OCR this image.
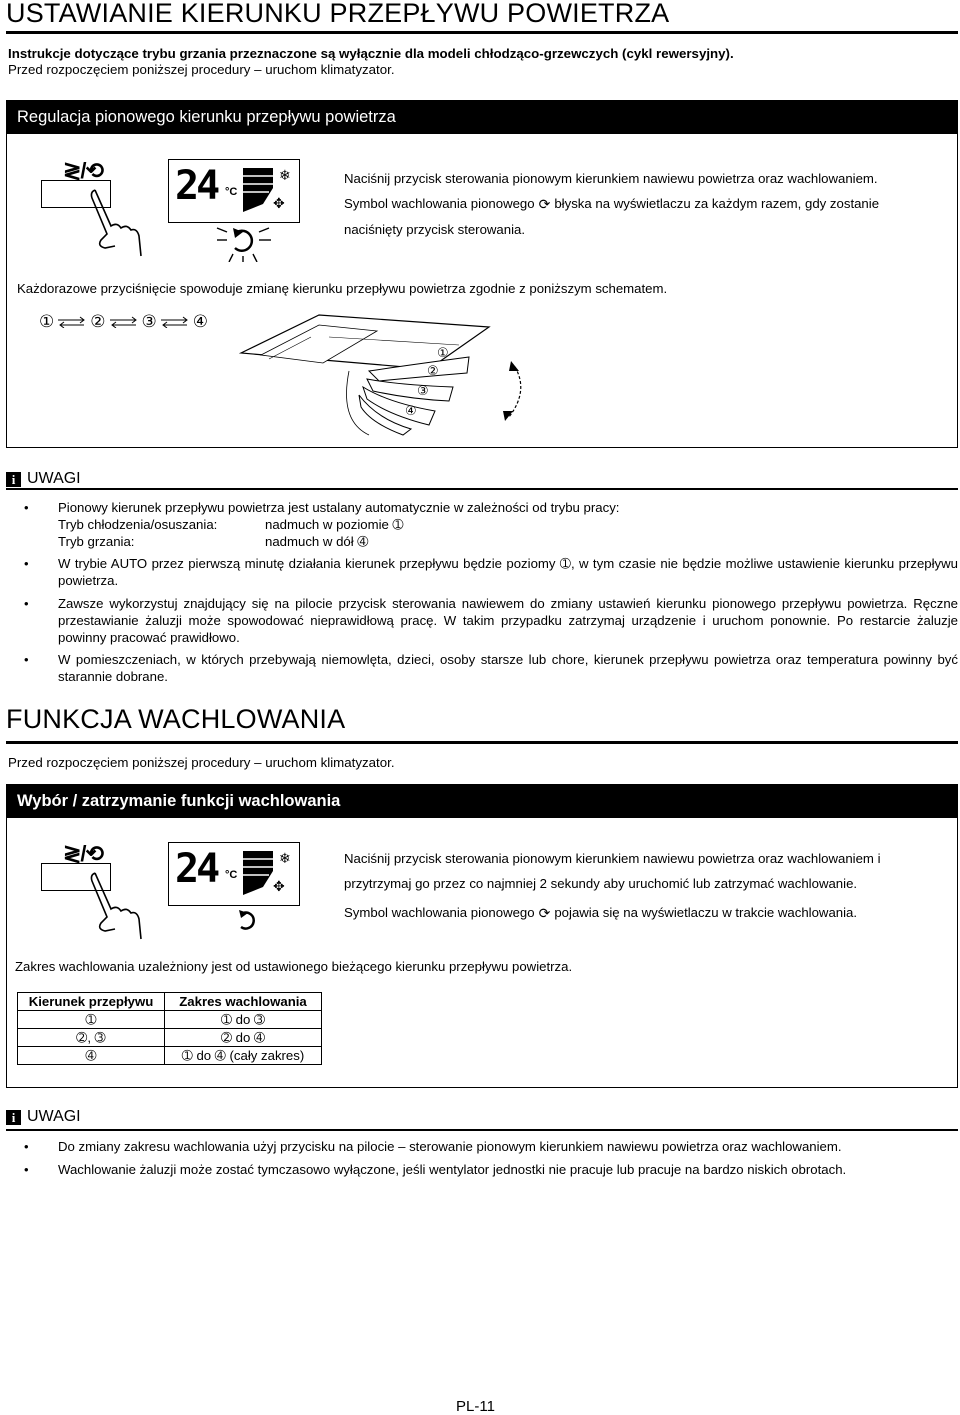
USTAWIANIE KIERUNKU PRZEPŁYWU POWIETRZA
Instrukcje dotyczące trybu grzania przeznaczone są wyłącznie dla modeli chłodząco-grzewczych (cykl rewersyjny).
Przed rozpoczęciem poniższej procedury – uruchom klimatyzator.
Regulacja pionowego kierunku przepływu powietrza
≷/⟲ 24 °C
❄
✥
Naciśnij przycisk sterowania pionowym kierunkiem nawiewu powietrza oraz wachlowaniem.
Symbol wachlowania pionowego ⟳ błyska na wyświetlaczu za każdym razem, gdy zostanie
naciśnięty przycisk sterowania.
Każdorazowe przyciśnięcie spowoduje zmianę kierunku przepływu powietrza zgodnie z poniższym schematem.
① ② ③ ④
①
②
③
④
i UWAGI
• Pionowy kierunek przepływu powietrza jest ustalany automatycznie w zależności od trybu pracy:
Tryb chłodzenia/osuszania:	nadmuch w poziomie ➀
Tryb grzania:	nadmuch w dół ➃
• W trybie AUTO przez pierwszą minutę działania kierunek przepływu będzie poziomy ➀, w tym czasie nie będzie możliwe ustawienie kierunku przepływu powietrza.
• Zawsze wykorzystuj znajdujący się na pilocie przycisk sterowania nawiewem do zmiany ustawień kierunku pionowego przepływu powietrza. Ręczne przestawianie żaluzji może spowodować nieprawidłową pracę. W takim przypadku zatrzymaj urządzenie i uruchom ponownie. Po restarcie żaluzje powinny pracować prawidłowo.
• W pomieszczeniach, w których przebywają niemowlęta, dzieci, osoby starsze lub chore, kierunek przepływu powietrza oraz temperatura powinny być starannie dobrane.
FUNKCJA WACHLOWANIA
Przed rozpoczęciem poniższej procedury – uruchom klimatyzator.
Wybór / zatrzymanie funkcji wachlowania
≷/⟲ 24 °C
❄
✥
Naciśnij przycisk sterowania pionowym kierunkiem nawiewu powietrza oraz wachlowaniem i
przytrzymaj go przez co najmniej 2 sekundy aby uruchomić lub zatrzymać wachlowanie.
Symbol wachlowania pionowego ⟳ pojawia się na wyświetlaczu w trakcie wachlowania.
Zakres wachlowania uzależniony jest od ustawionego bieżącego kierunku przepływu powietrza.
Kierunek przepływu	Zakres wachlowania
➀	➀ do ➂
➁, ➂	➁ do ➃
➃	➀ do ➃ (cały zakres)
i UWAGI
• Do zmiany zakresu wachlowania użyj przycisku na pilocie – sterowanie pionowym kierunkiem nawiewu powietrza oraz wachlowaniem.
• Wachlowanie żaluzji może zostać tymczasowo wyłączone, jeśli wentylator jednostki nie pracuje lub pracuje na bardzo niskich obrotach.
PL-11
